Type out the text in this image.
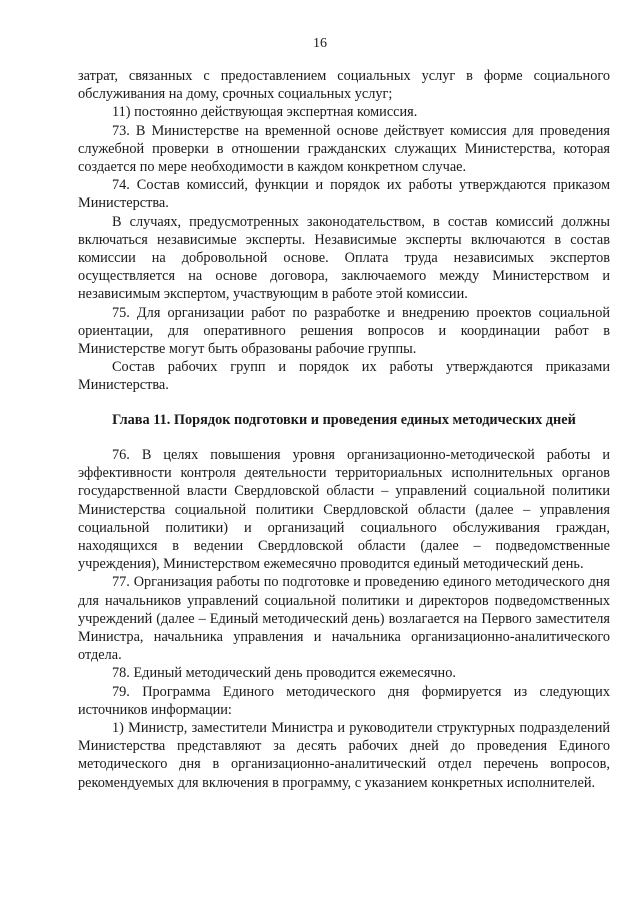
16

затрат, связанных с предоставлением социальных услуг в форме социального обслуживания на дому, срочных социальных услуг;

11) постоянно действующая экспертная комиссия.

73. В Министерстве на временной основе действует комиссия для проведения служебной проверки в отношении гражданских служащих Министерства, которая создается по мере необходимости в каждом конкретном случае.

74. Состав комиссий, функции и порядок их работы утверждаются приказом Министерства.

В случаях, предусмотренных законодательством, в состав комиссий должны включаться независимые эксперты. Независимые эксперты включаются в состав комиссии на добровольной основе. Оплата труда независимых экспертов осуществляется на основе договора, заключаемого между Министерством и независимым экспертом, участвующим в работе этой комиссии.

75. Для организации работ по разработке и внедрению проектов социальной ориентации, для оперативного решения вопросов и координации работ в Министерстве могут быть образованы рабочие группы.

Состав рабочих групп и порядок их работы утверждаются приказами Министерства.

Глава 11. Порядок подготовки и проведения единых методических дней

76. В целях повышения уровня организационно-методической работы и эффективности контроля деятельности территориальных исполнительных органов государственной власти Свердловской области – управлений социальной политики Министерства социальной политики Свердловской области (далее – управления социальной политики) и организаций социального обслуживания граждан, находящихся в ведении Свердловской области (далее – подведомственные учреждения), Министерством ежемесячно проводится единый методический день.

77. Организация работы по подготовке и проведению единого методического дня для начальников управлений социальной политики и директоров подведомственных учреждений (далее – Единый методический день) возлагается на Первого заместителя Министра, начальника управления и начальника организационно-аналитического отдела.

78. Единый методический день проводится ежемесячно.

79. Программа Единого методического дня формируется из следующих источников информации:

1) Министр, заместители Министра и руководители структурных подразделений Министерства представляют за десять рабочих дней до проведения Единого методического дня в организационно-аналитический отдел перечень вопросов, рекомендуемых для включения в программу, с указанием конкретных исполнителей.
